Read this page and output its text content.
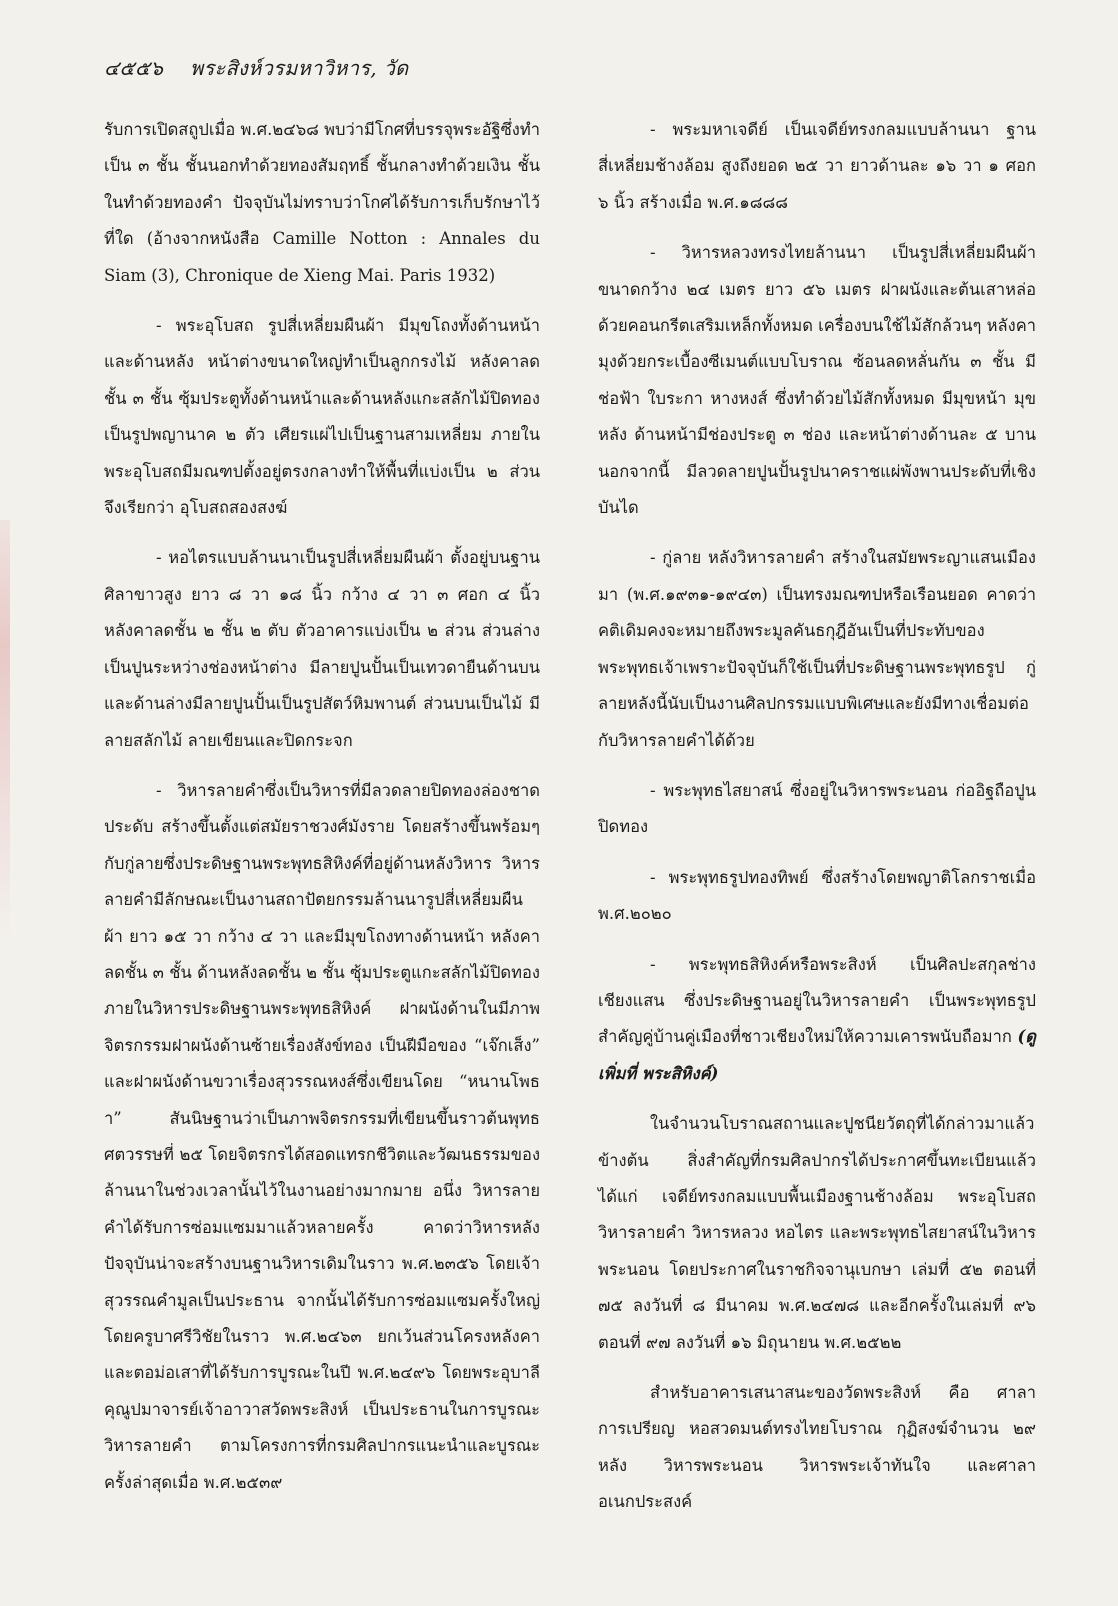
๔๕๕๖ พระสิงห์วรมหาวิหาร, วัด

รับการเปิดสถูปเมื่อ พ.ศ.๒๔๖๘ พบว่ามีโกศที่บรรจุพระอัฐิซึ่งทำเป็น ๓ ชั้น ชั้นนอกทำด้วยทองสัมฤทธิ์ ชั้นกลางทำด้วยเงิน ชั้นในทำด้วยทองคำ ปัจจุบันไม่ทราบว่าโกศได้รับการเก็บรักษาไว้ที่ใด (อ้างจากหนังสือ Camille Notton : Annales du Siam (3), Chronique de Xieng Mai. Paris 1932)

- พระอุโบสถ รูปสี่เหลี่ยมผืนผ้า มีมุขโถงทั้งด้านหน้าและด้านหลัง หน้าต่างขนาดใหญ่ทำเป็นลูกกรงไม้ หลังคาลดชั้น ๓ ชั้น ซุ้มประตูทั้งด้านหน้าและด้านหลังแกะสลักไม้ปิดทอง เป็นรูปพญานาค ๒ ตัว เศียรแผ่ไปเป็นฐานสามเหลี่ยม ภายในพระอุโบสถมีมณฑปตั้งอยู่ตรงกลางทำให้พื้นที่แบ่งเป็น ๒ ส่วน จึงเรียกว่า อุโบสถสองสงฆ์

- หอไตรแบบล้านนาเป็นรูปสี่เหลี่ยมผืนผ้า ตั้งอยู่บนฐานศิลาขาวสูง ยาว ๘ วา ๑๘ นิ้ว กว้าง ๔ วา ๓ ศอก ๔ นิ้ว หลังคาลดชั้น ๒ ชั้น ๒ ตับ ตัวอาคารแบ่งเป็น ๒ ส่วน ส่วนล่างเป็นปูนระหว่างช่องหน้าต่าง มีลายปูนปั้นเป็นเทวดายืนด้านบนและด้านล่างมีลายปูนปั้นเป็นรูปสัตว์หิมพานต์ ส่วนบนเป็นไม้ มีลายสลักไม้ ลายเขียนและปิดกระจก

- วิหารลายคำซึ่งเป็นวิหารที่มีลวดลายปิดทองล่องชาดประดับ สร้างขึ้นตั้งแต่สมัยราชวงศ์มังราย โดยสร้างขึ้นพร้อมๆ กับกู่ลายซึ่งประดิษฐานพระพุทธสิหิงค์ที่อยู่ด้านหลังวิหาร วิหารลายคำมีลักษณะเป็นงานสถาปัตยกรรมล้านนารูปสี่เหลี่ยมผืนผ้า ยาว ๑๕ วา กว้าง ๔ วา และมีมุขโถงทางด้านหน้า หลังคาลดชั้น ๓ ชั้น ด้านหลังลดชั้น ๒ ชั้น ซุ้มประตูแกะสลักไม้ปิดทอง ภายในวิหารประดิษฐานพระพุทธสิหิงค์ ฝาผนังด้านในมีภาพจิตรกรรมฝาผนังด้านซ้ายเรื่องสังข์ทอง เป็นฝีมือของ “เจ๊กเส็ง” และฝาผนังด้านขวาเรื่องสุวรรณหงส์ซึ่งเขียนโดย “หนานโพธา” สันนิษฐานว่าเป็นภาพจิตรกรรมที่เขียนขึ้นราวต้นพุทธศตวรรษที่ ๒๕ โดยจิตรกรได้สอดแทรกชีวิตและวัฒนธรรมของล้านนาในช่วงเวลานั้นไว้ในงานอย่างมากมาย อนึ่ง วิหารลายคำได้รับการซ่อมแซมมาแล้วหลายครั้ง คาดว่าวิหารหลังปัจจุบันน่าจะสร้างบนฐานวิหารเดิมในราว พ.ศ.๒๓๕๖ โดยเจ้าสุวรรณคำมูลเป็นประธาน จากนั้นได้รับการซ่อมแซมครั้งใหญ่โดยครูบาศรีวิชัยในราว พ.ศ.๒๔๖๓ ยกเว้นส่วนโครงหลังคาและตอม่อเสาที่ได้รับการบูรณะในปี พ.ศ.๒๔๙๖ โดยพระอุบาลีคุณูปมาจารย์เจ้าอาวาสวัดพระสิงห์ เป็นประธานในการบูรณะวิหารลายคำ ตามโครงการที่กรมศิลปากรแนะนำและบูรณะครั้งล่าสุดเมื่อ พ.ศ.๒๕๓๙

- พระมหาเจดีย์ เป็นเจดีย์ทรงกลมแบบล้านนา ฐานสี่เหลี่ยมช้างล้อม สูงถึงยอด ๒๕ วา ยาวด้านละ ๑๖ วา ๑ ศอก ๖ นิ้ว สร้างเมื่อ พ.ศ.๑๘๘๘

- วิหารหลวงทรงไทยล้านนา เป็นรูปสี่เหลี่ยมผืนผ้าขนาดกว้าง ๒๔ เมตร ยาว ๕๖ เมตร ฝาผนังและต้นเสาหล่อด้วยคอนกรีตเสริมเหล็กทั้งหมด เครื่องบนใช้ไม้สักล้วนๆ หลังคามุงด้วยกระเบื้องซีเมนต์แบบโบราณ ซ้อนลดหลั่นกัน ๓ ชั้น มีช่อฟ้า ใบระกา หางหงส์ ซึ่งทำด้วยไม้สักทั้งหมด มีมุขหน้า มุขหลัง ด้านหน้ามีช่องประตู ๓ ช่อง และหน้าต่างด้านละ ๕ บาน นอกจากนี้ มีลวดลายปูนปั้นรูปนาคราชแผ่พังพานประดับที่เชิงบันได

- กู่ลาย หลังวิหารลายคำ สร้างในสมัยพระญาแสนเมืองมา (พ.ศ.๑๙๓๑-๑๙๔๓) เป็นทรงมณฑปหรือเรือนยอด คาดว่าคติเดิมคงจะหมายถึงพระมูลคันธกุฎีอันเป็นที่ประทับของพระพุทธเจ้าเพราะปัจจุบันก็ใช้เป็นที่ประดิษฐานพระพุทธรูป กู่ลายหลังนี้นับเป็นงานศิลปกรรมแบบพิเศษและยังมีทางเชื่อมต่อกับวิหารลายคำได้ด้วย

- พระพุทธไสยาสน์ ซึ่งอยู่ในวิหารพระนอน ก่ออิฐถือปูน ปิดทอง

- พระพุทธรูปทองทิพย์ ซึ่งสร้างโดยพญาติโลกราชเมื่อ พ.ศ.๒๐๒๐

- พระพุทธสิหิงค์หรือพระสิงห์ เป็นศิลปะสกุลช่างเชียงแสน ซึ่งประดิษฐานอยู่ในวิหารลายคำ เป็นพระพุทธรูปสำคัญคู่บ้านคู่เมืองที่ชาวเชียงใหม่ให้ความเคารพนับถือมาก (ดูเพิ่มที่ พระสิหิงค์)

ในจำนวนโบราณสถานและปูชนียวัตถุที่ได้กล่าวมาแล้วข้างต้น สิ่งสำคัญที่กรมศิลปากรได้ประกาศขึ้นทะเบียนแล้ว ได้แก่ เจดีย์ทรงกลมแบบพื้นเมืองฐานช้างล้อม พระอุโบสถ วิหารลายคำ วิหารหลวง หอไตร และพระพุทธไสยาสน์ในวิหารพระนอน โดยประกาศในราชกิจจานุเบกษา เล่มที่ ๕๒ ตอนที่ ๗๕ ลงวันที่ ๘ มีนาคม พ.ศ.๒๔๗๘ และอีกครั้งในเล่มที่ ๙๖ ตอนที่ ๙๗ ลงวันที่ ๑๖ มิถุนายน พ.ศ.๒๕๒๒

สำหรับอาคารเสนาสนะของวัดพระสิงห์ คือ ศาลาการเปรียญ หอสวดมนต์ทรงไทยโบราณ กุฏิสงฆ์จำนวน ๒๙ หลัง วิหารพระนอน วิหารพระเจ้าทันใจ และศาลาอเนกประสงค์
